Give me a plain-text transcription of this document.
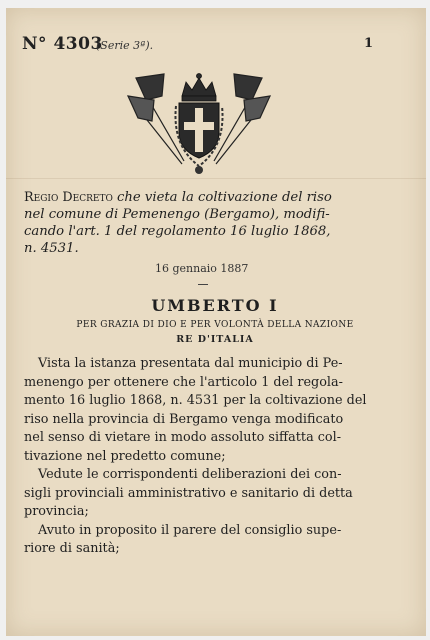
N° 4303
(Serie 3ª).	1
Regio Decreto che vieta la coltivazione del riso
nel comune di Pemenengo (Bergamo), modifi-
cando l'art. 1 del regolamento 16 luglio 1868,
n. 4531.
16 gennaio 1887
UMBERTO I
PER GRAZIA DI DIO E PER VOLONTÀ DELLA NAZIONE
RE D'ITALIA

Vista la istanza presentata dal municipio di Pe-

menengo per ottenere che l'articolo 1 del regola-

mento 16 luglio 1868, n. 4531 per la coltivazione del

riso nella provincia di Bergamo venga modificato

nel senso di vietare in modo assoluto siffatta col-

tivazione nel predetto comune;

Vedute le corrispondenti deliberazioni dei con-

sigli provinciali amministrativo e sanitario di detta

provincia;

Avuto in proposito il parere del consiglio supe-

riore di sanità;
